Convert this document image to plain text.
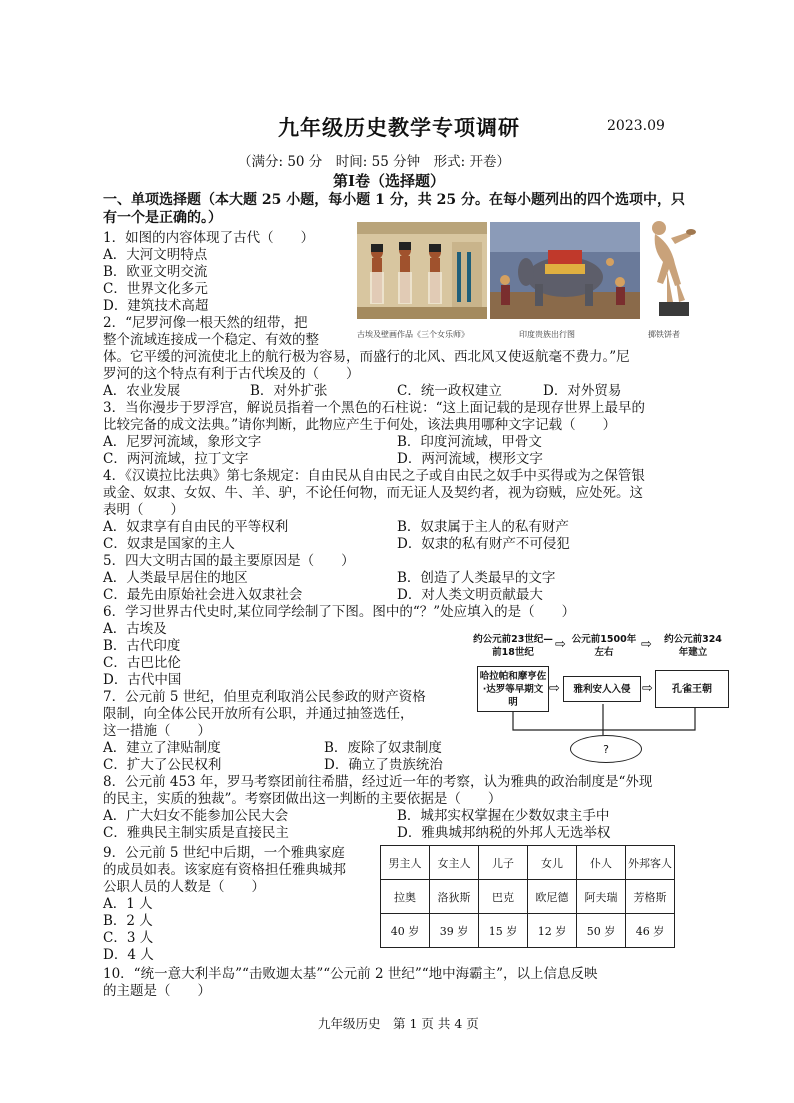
九年级历史教学专项调研	2023.09
（满分: 50 分　时间: 55 分钟　形式: 开卷）
第Ⅰ卷（选择题）
一、单项选择题（本大题 25 小题，每小题 1 分，共 25 分。在每小题列出的四个选项中，只
有一个是正确的。）
古埃及壁画作品《三个女乐师》	印度贵族出行图	掷铁饼者
1．如图的内容体现了古代（　　）
A．大河文明特点
B．欧亚文明交流
C．世界文化多元
D．建筑技术高超
2．“尼罗河像一根天然的纽带，把
整个流域连接成一个稳定、有效的整
体。它平缓的河流使北上的航行极为容易，而盛行的北风、西北风又使返航毫不费力。”尼
罗河的这个特点有利于古代埃及的（　　）
A．农业发展	B．对外扩张	C．统一政权建立	D．对外贸易
3．当你漫步于罗浮宫，解说员指着一个黑色的石柱说：“这上面记载的是现存世界上最早的
比较完备的成文法典。”请你判断，此物应产生于何处，该法典用哪种文字记载（　　）
A．尼罗河流域，象形文字	B．印度河流域，甲骨文
C．两河流域，拉丁文字	D．两河流域，楔形文字
4．《汉谟拉比法典》第七条规定：自由民从自由民之子或自由民之奴手中买得或为之保管银
或金、奴隶、女奴、牛、羊、驴，不论任何物，而无证人及契约者，视为窃贼，应处死。这
表明（　　）
A．奴隶享有自由民的平等权利	B．奴隶属于主人的私有财产
C．奴隶是国家的主人	D．奴隶的私有财产不可侵犯
5．四大文明古国的最主要原因是（　　）
A．人类最早居住的地区	B．创造了人类最早的文字
C．最先由原始社会进入奴隶社会	D．对人类文明贡献最大
6．学习世界古代史时,某位同学绘制了下图。图中的“？”处应填入的是（　　）
A．古埃及
B．古代印度
C．古巴比伦
D．古代中国
约公元前23世纪—前18世纪
公元前1500年左右
约公元前324年建立
⇨	⇨
哈拉帕和摩亨佐·达罗等早期文明
雅利安人入侵	孔雀王朝
⇨	⇨
?
7．公元前 5 世纪，伯里克利取消公民参政的财产资格
限制，向全体公民开放所有公职，并通过抽签选任，
这一措施（　　）
A．建立了津贴制度	B．废除了奴隶制度
C．扩大了公民权利	D．确立了贵族统治
8．公元前 453 年，罗马考察团前往希腊，经过近一年的考察，认为雅典的政治制度是“外现
的民主，实质的独裁”。考察团做出这一判断的主要依据是（　　）
A．广大妇女不能参加公民大会	B．城邦实权掌握在少数奴隶主手中
C．雅典民主制实质是直接民主	D．雅典城邦纳税的外邦人无选举权
9．公元前 5 世纪中后期，一个雅典家庭
的成员如表。该家庭有资格担任雅典城邦
公职人员的人数是（　　）
A．1 人
B．2 人
C．3 人
D．4 人
男主人	女主人	儿子	女儿	仆人	外邦客人
拉奥	洛狄斯	巴克	欧尼德	阿夫瑞	芳格斯
40 岁	39 岁	15 岁	12 岁	50 岁	46 岁
10．“统一意大利半岛”“击败迦太基”“公元前 2 世纪”“地中海霸主”，以上信息反映
的主题是（　　）
九年级历史　第 1 页 共 4 页
